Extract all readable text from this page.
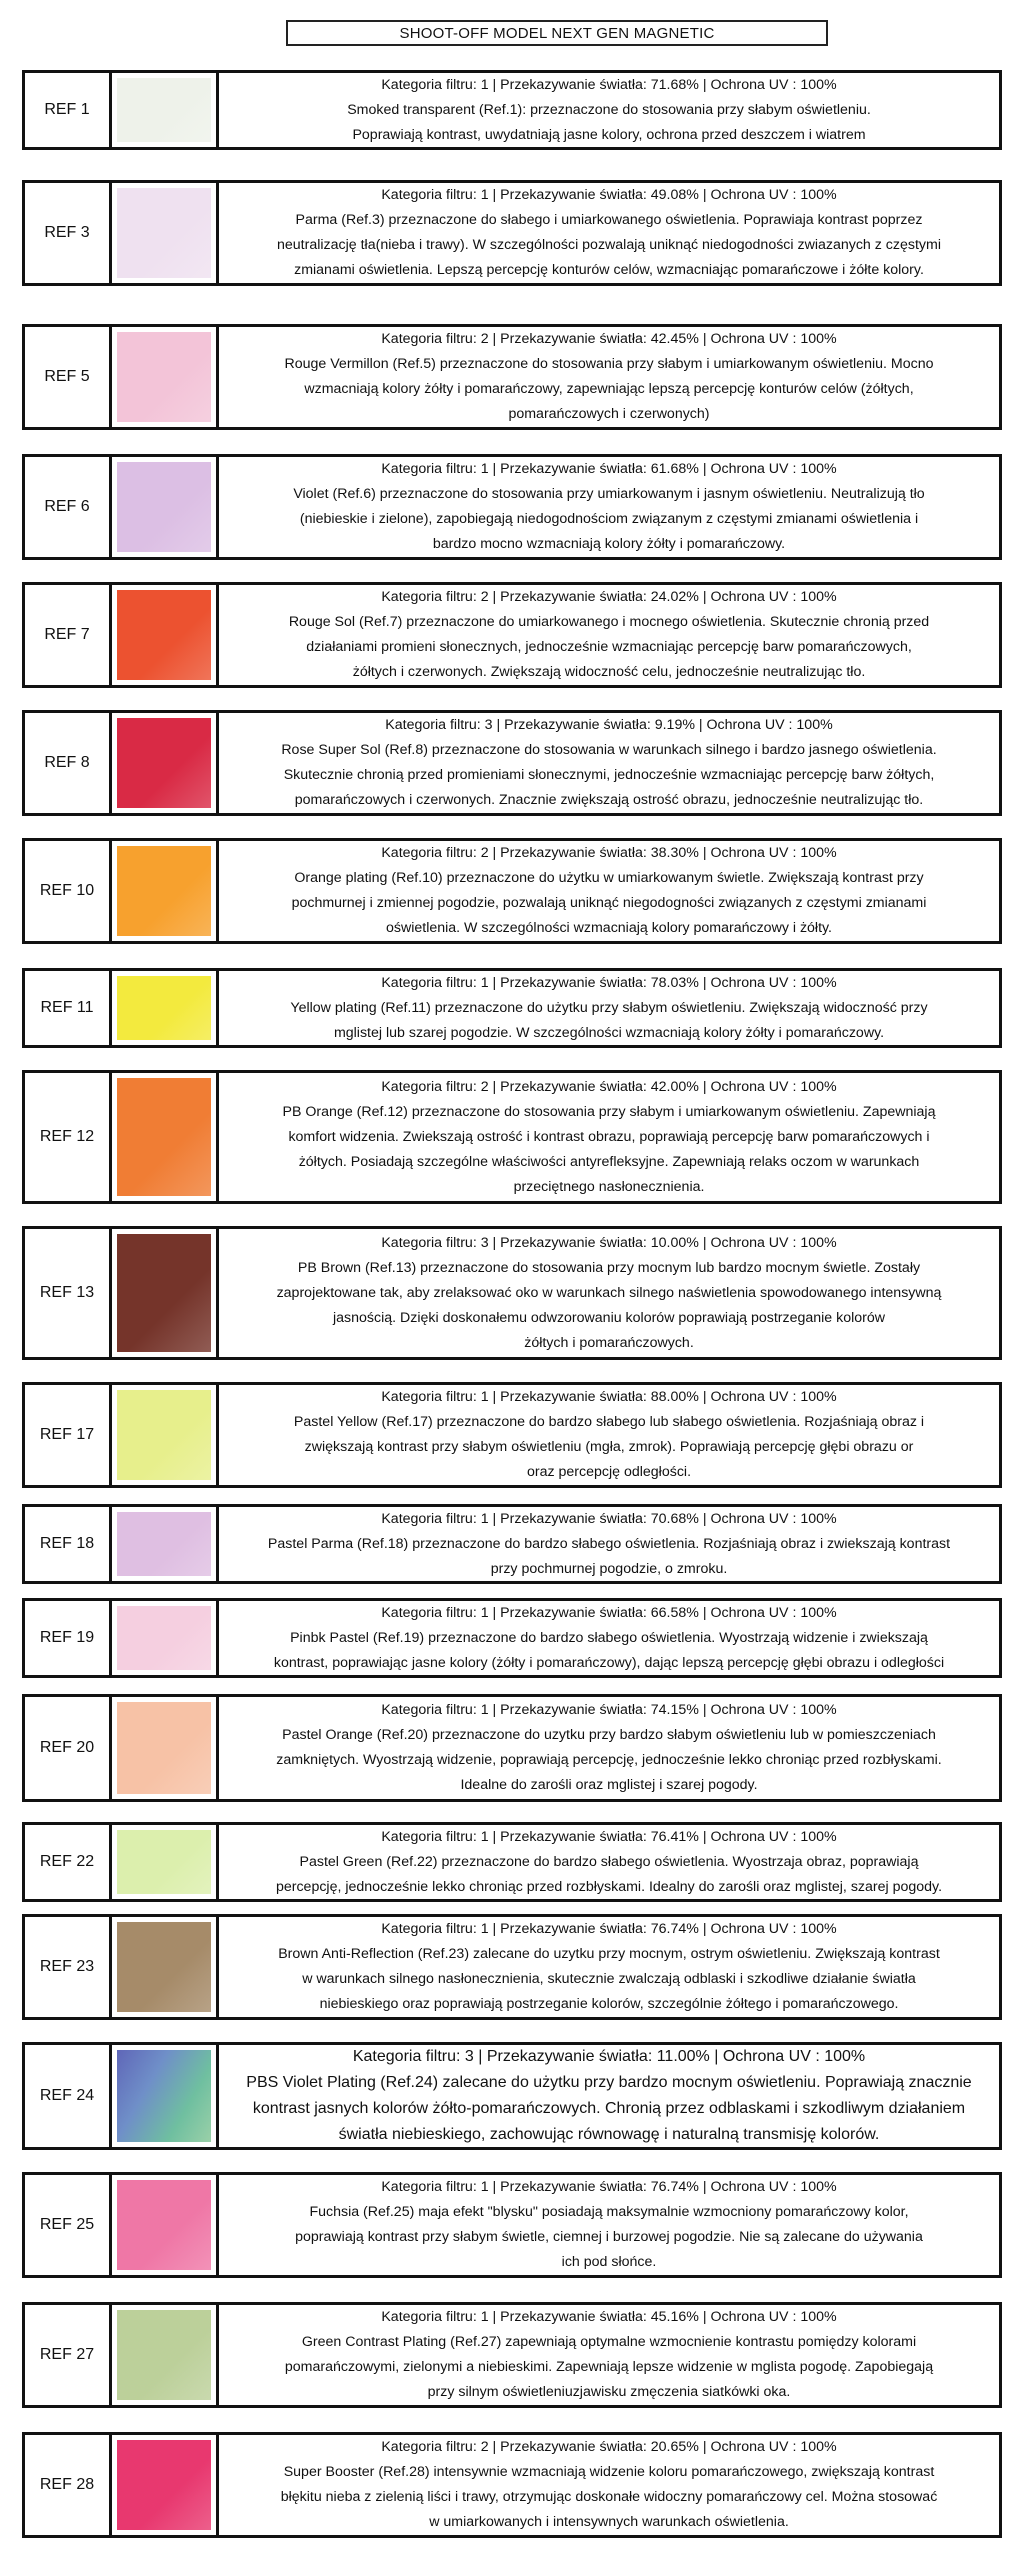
SHOOT-OFF MODEL NEXT GEN MAGNETIC
REF 1
Kategoria filtru: 1 | Przekazywanie światła: 71.68% | Ochrona UV : 100%
Smoked transparent (Ref.1): przeznaczone do stosowania przy słabym oświetleniu.
Poprawiają kontrast, uwydatniają jasne kolory, ochrona przed deszczem i wiatrem
REF 3
Kategoria filtru: 1 | Przekazywanie światła: 49.08% | Ochrona UV : 100%
Parma (Ref.3) przeznaczone do słabego i umiarkowanego oświetlenia. Poprawiaja kontrast poprzez
neutralizację tła(nieba i trawy). W szczególności pozwalają uniknąć niedogodności zwiazanych z częstymi
zmianami oświetlenia. Lepszą percepcję konturów celów, wzmacniając pomarańczowe i żółte kolory.
REF 5
Kategoria filtru: 2 | Przekazywanie światła: 42.45% | Ochrona UV : 100%
Rouge Vermillon (Ref.5) przeznaczone do stosowania przy słabym i umiarkowanym oświetleniu. Mocno
wzmacniają kolory żółty i pomarańczowy, zapewniając lepszą percepcję konturów celów (żółtych,
pomarańczowych i czerwonych)
REF 6
Kategoria filtru: 1 | Przekazywanie światła: 61.68% | Ochrona UV : 100%
Violet (Ref.6) przeznaczone do stosowania przy umiarkowanym i jasnym oświetleniu. Neutralizują tło
(niebieskie i zielone), zapobiegają niedogodnościom związanym z częstymi zmianami oświetlenia i
bardzo mocno wzmacniają kolory żółty i pomarańczowy.
REF 7
Kategoria filtru: 2 | Przekazywanie światła: 24.02% | Ochrona UV : 100%
Rouge Sol (Ref.7) przeznaczone do umiarkowanego i mocnego oświetlenia. Skutecznie chronią przed
działaniami promieni słonecznych, jednocześnie wzmacniając percepcję barw pomarańczowych,
żółtych i czerwonych. Zwiększają widoczność celu, jednocześnie neutralizując tło.
REF 8
Kategoria filtru: 3 | Przekazywanie światła: 9.19% | Ochrona UV : 100%
Rose Super Sol (Ref.8) przeznaczone do stosowania w warunkach silnego i bardzo jasnego oświetlenia.
Skutecznie chronią przed promieniami słonecznymi, jednocześnie wzmacniając percepcję barw żółtych,
pomarańczowych i czerwonych. Znacznie zwiększają ostrość obrazu, jednocześnie neutralizując tło.
REF 10
Kategoria filtru: 2 | Przekazywanie światła: 38.30% | Ochrona UV : 100%
Orange plating (Ref.10) przeznaczone do użytku w umiarkowanym świetle. Zwiększają kontrast przy
pochmurnej i zmiennej pogodzie, pozwalają uniknąć niegodogności związanych z częstymi zmianami
oświetlenia. W szczególności wzmacniają kolory pomarańczowy i żółty.
REF 11
Kategoria filtru: 1 | Przekazywanie światła: 78.03% | Ochrona UV : 100%
Yellow plating (Ref.11) przeznaczone do użytku przy słabym oświetleniu. Zwiększają widoczność przy
mglistej lub szarej pogodzie. W szczególności wzmacniają kolory żółty i pomarańczowy.
REF 12
Kategoria filtru: 2 | Przekazywanie światła: 42.00% | Ochrona UV : 100%
PB Orange (Ref.12) przeznaczone do stosowania przy słabym i umiarkowanym oświetleniu. Zapewniają
komfort widzenia. Zwiekszają ostrość i kontrast obrazu, poprawiają percepcję barw pomarańczowych i
żółtych. Posiadają szczególne właściwości antyrefleksyjne. Zapewniają relaks oczom w warunkach
przeciętnego nasłonecznienia.
REF 13
Kategoria filtru: 3 | Przekazywanie światła: 10.00% | Ochrona UV : 100%
PB Brown (Ref.13) przeznaczone do stosowania przy mocnym lub bardzo mocnym świetle. Zostały
zaprojektowane tak, aby zrelaksować oko w warunkach silnego naświetlenia spowodowanego intensywną
jasnością. Dzięki doskonałemu odwzorowaniu kolorów poprawiają postrzeganie kolorów
żółtych i pomarańczowych.
REF 17
Kategoria filtru: 1 | Przekazywanie światła: 88.00% | Ochrona UV : 100%
Pastel Yellow (Ref.17) przeznaczone do bardzo słabego lub słabego oświetlenia. Rozjaśniają obraz i
zwiększają kontrast przy słabym oświetleniu (mgła, zmrok). Poprawiają percepcję głębi obrazu or
oraz percepcję odległości.
REF 18
Kategoria filtru: 1 | Przekazywanie światła: 70.68% | Ochrona UV : 100%
Pastel Parma (Ref.18) przeznaczone do bardzo słabego oświetlenia. Rozjaśniają obraz i zwiekszają kontrast
przy pochmurnej pogodzie, o zmroku.
REF 19
Kategoria filtru: 1 | Przekazywanie światła: 66.58% | Ochrona UV : 100%
Pinbk Pastel (Ref.19) przeznaczone do bardzo słabego oświetlenia. Wyostrzają widzenie i zwiekszają
kontrast, poprawiając jasne kolory (żółty i pomarańczowy), dając lepszą percepcję głębi obrazu i odległości
REF 20
Kategoria filtru: 1 | Przekazywanie światła: 74.15% | Ochrona UV : 100%
Pastel Orange (Ref.20) przeznaczone do uzytku przy bardzo słabym oświetleniu lub w pomieszczeniach
zamkniętych. Wyostrzają widzenie, poprawiają percepcję, jednocześnie lekko chroniąc przed rozbłyskami.
Idealne do zarośli oraz mglistej i szarej pogody.
REF 22
Kategoria filtru: 1 | Przekazywanie światła: 76.41% | Ochrona UV : 100%
Pastel Green (Ref.22) przeznaczone do bardzo słabego oświetlenia. Wyostrzaja obraz, poprawiają
percepcję, jednocześnie lekko chroniąc przed rozbłyskami. Idealny do zarośli oraz mglistej, szarej pogody.
REF 23
Kategoria filtru: 1 | Przekazywanie światła: 76.74% | Ochrona UV : 100%
Brown Anti-Reflection (Ref.23) zalecane do uzytku przy mocnym, ostrym oświetleniu. Zwiększają kontrast
w warunkach silnego nasłonecznienia, skutecznie zwalczają odblaski i szkodliwe działanie światła
niebieskiego oraz poprawiają postrzeganie kolorów, szczególnie żółtego i pomarańczowego.
REF 24
Kategoria filtru: 3 | Przekazywanie światła: 11.00% | Ochrona UV : 100%
PBS Violet Plating (Ref.24) zalecane do użytku przy bardzo mocnym oświetleniu. Poprawiają znacznie
kontrast jasnych kolorów żółto-pomarańczowych. Chronią przez odblaskami i szkodliwym działaniem
światła niebieskiego, zachowując równowagę i naturalną transmisję kolorów.
REF 25
Kategoria filtru: 1 | Przekazywanie światła: 76.74% | Ochrona UV : 100%
Fuchsia (Ref.25) maja efekt "blysku" posiadają maksymalnie wzmocniony pomarańczowy kolor,
poprawiają kontrast przy słabym świetle, ciemnej i burzowej pogodzie. Nie są zalecane do używania
ich pod słońce.
REF 27
Kategoria filtru: 1 | Przekazywanie światła: 45.16% | Ochrona UV : 100%
Green Contrast Plating (Ref.27) zapewniają optymalne wzmocnienie kontrastu pomiędzy kolorami
pomarańczowymi, zielonymi a niebieskimi. Zapewniają lepsze widzenie w mglista pogodę. Zapobiegają
przy silnym oświetleniuzjawisku zmęczenia siatkówki oka.
REF 28
Kategoria filtru: 2 | Przekazywanie światła: 20.65% | Ochrona UV : 100%
Super Booster (Ref.28) intensywnie wzmacniają widzenie koloru pomarańczowego, zwiększają kontrast
błękitu nieba z zielenią liści i trawy, otrzymując doskonałe widoczny pomarańczowy cel. Można stosować
w umiarkowanych i intensywnych warunkach oświetlenia.
